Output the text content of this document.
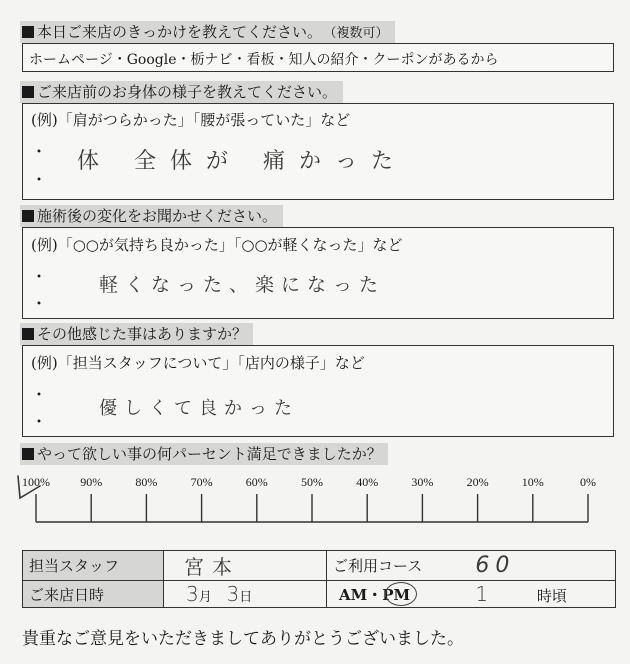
本日ご来店のきっかけを教えてください。 （複数可）
ホームページ・Google・栃ナビ・看板・知人の紹介・クーポンがあるから
ご来店前のお身体の様子を教えてください。
(例)「肩がつらかった」「腰が張っていた」など
・
・
体 全体が 痛かった
施術後の変化をお聞かせください。
(例)「○○が気持ち良かった」「○○が軽くなった」など
・
・
軽くなった、楽になった
その他感じた事はありますか？
(例)「担当スタッフについて」「店内の様子」など
・
・
優しくて良かった
やって欲しい事の何パーセント満足できましたか？
100%	90%	80%	70%	60%	50%	40%	30%	20%	10%	0%
担当スタッフ	宮本	ご利用コース	60
ご来店日時	3月 3日	AM・PM	1 時頃
貴重なご意見をいただきましてありがとうございました。
